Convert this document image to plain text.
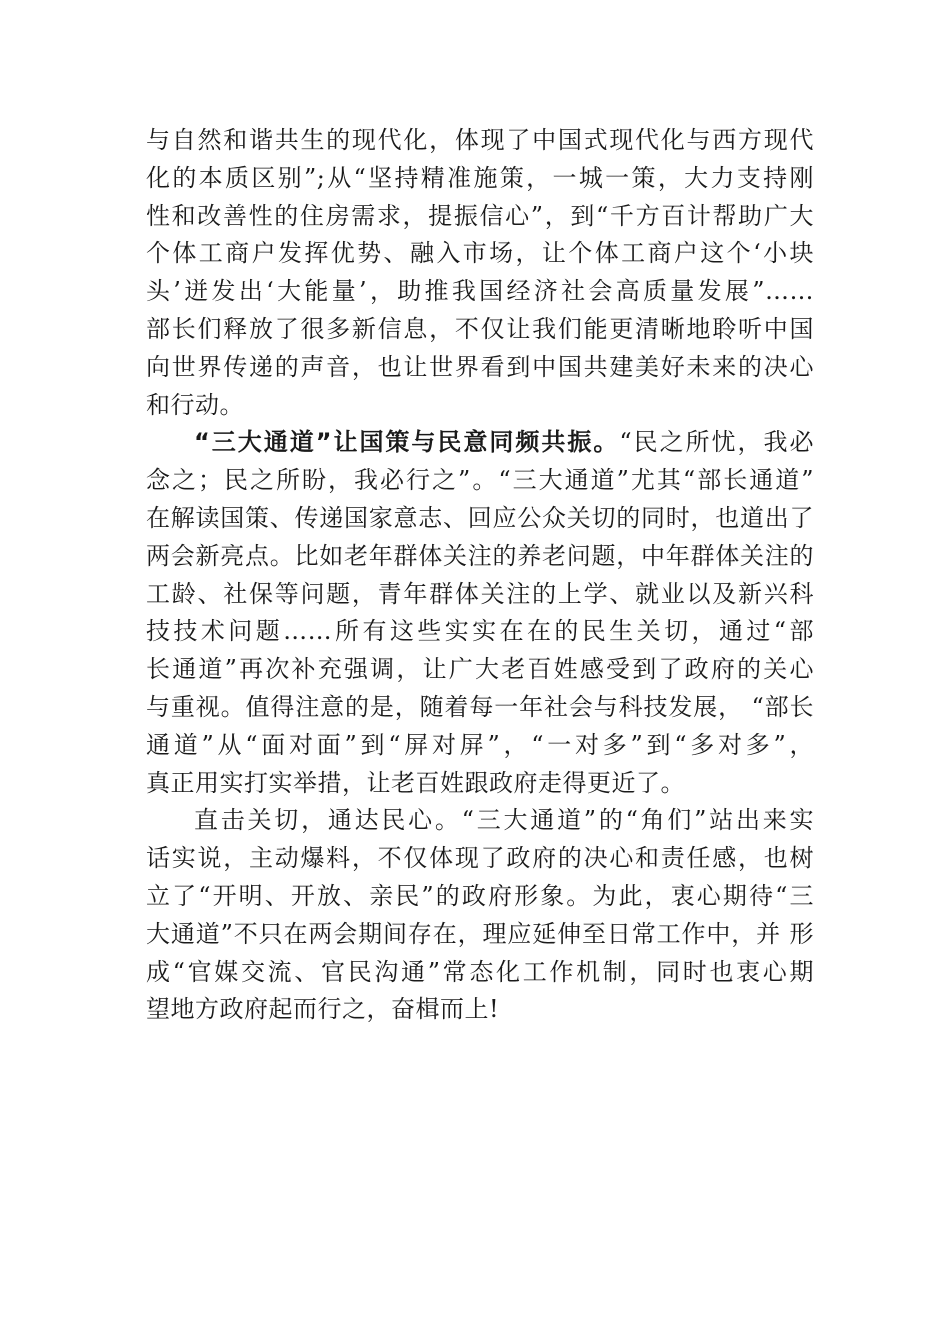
与自然和谐共生的现代化，体现了中国式现代化与西方现代
化的本质区别”;从“坚持精准施策，一城一策，大力支持刚
性和改善性的住房需求，提振信心”，到“千方百计帮助广大
个体工商户发挥优势、融入市场，让个体工商户这个‘小块
头’迸发出‘大能量’，助推我国经济社会高质量发展”……
部长们释放了很多新信息，不仅让我们能更清晰地聆听中国
向世界传递的声音，也让世界看到中国共建美好未来的决心
和行动。
“三大通道”让国策与民意同频共振。“民之所忧，我必
念之；民之所盼，我必行之”。“三大通道”尤其“部长通道”
在解读国策、传递国家意志、回应公众关切的同时，也道出了
两会新亮点。比如老年群体关注的养老问题，中年群体关注的
工龄、社保等问题，青年群体关注的上学、就业以及新兴科
技技术问题……所有这些实实在在的民生关切，通过“部
长通道”再次补充强调，让广大老百姓感受到了政府的关心
与重视。值得注意的是，随着每一年社会与科技发展， “部长
通道”从“面对面”到“屏对屏”，“一对多”到“多对多”，
真正用实打实举措，让老百姓跟政府走得更近了。
直击关切，通达民心。“三大通道”的“角们”站出来实
话实说，主动爆料，不仅体现了政府的决心和责任感，也树
立了“开明、开放、亲民”的政府形象。为此，衷心期待“三
大通道”不只在两会期间存在，理应延伸至日常工作中，并 形
成“官媒交流、官民沟通”常态化工作机制，同时也衷心期
望地方政府起而行之，奋楫而上!
